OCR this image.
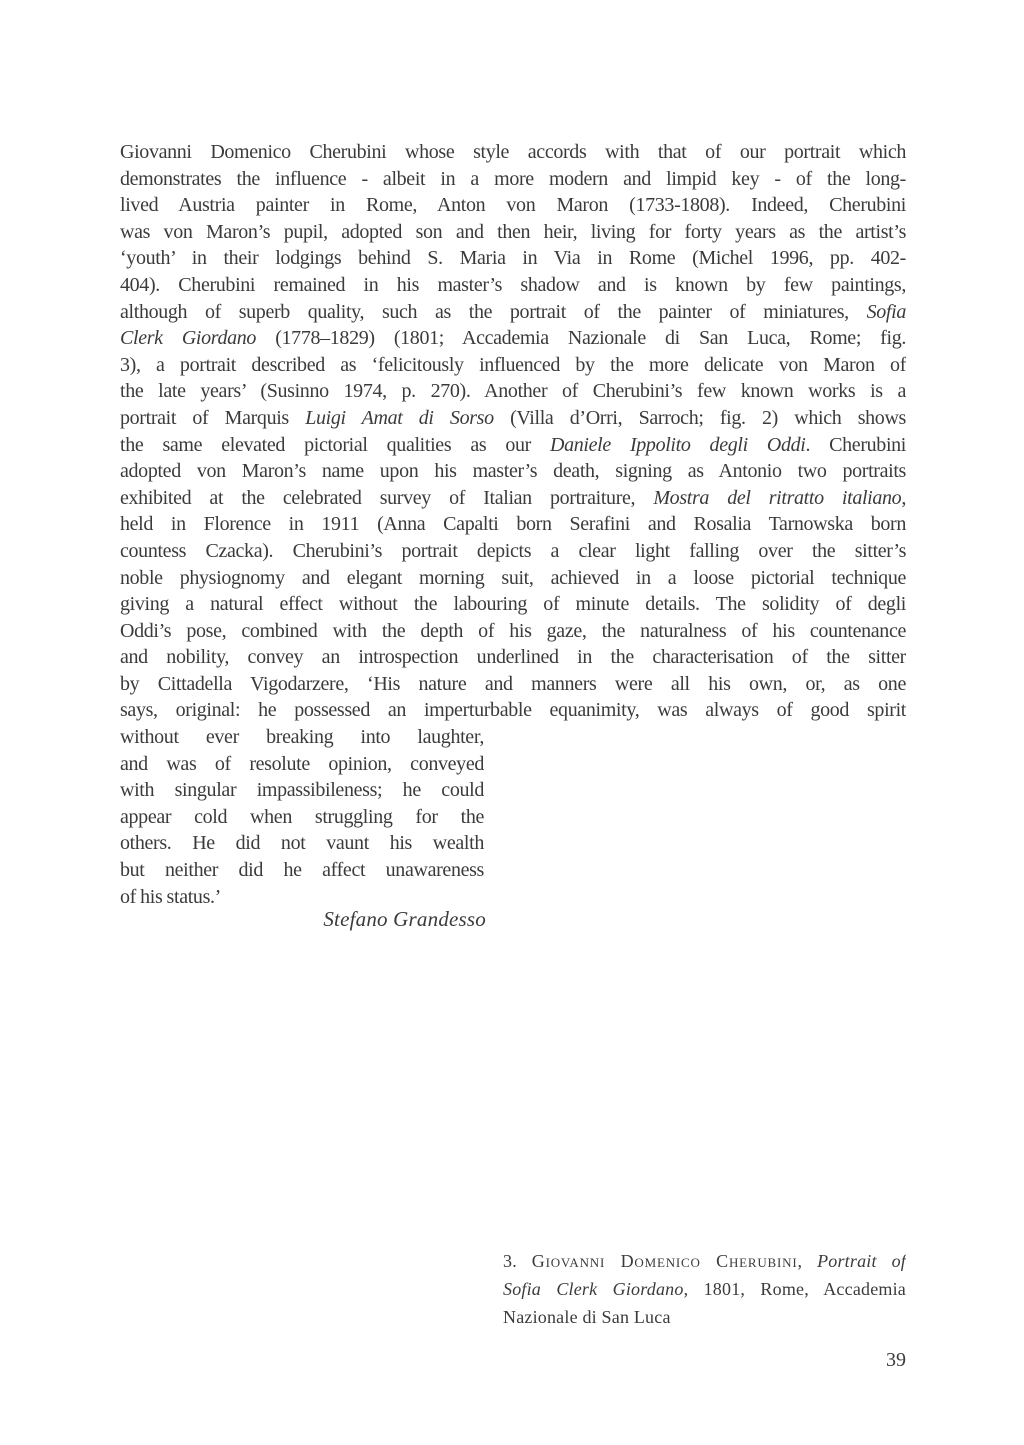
Giovanni Domenico Cherubini whose style accords with that of our portrait which
demonstrates the influence - albeit in a more modern and limpid key - of the long-
lived Austria painter in Rome, Anton von Maron (1733-1808). Indeed, Cherubini
was von Maron’s pupil, adopted son and then heir, living for forty years as the artist’s
‘youth’ in their lodgings behind S. Maria in Via in Rome (Michel 1996, pp. 402-
404). Cherubini remained in his master’s shadow and is known by few paintings,
although of superb quality, such as the portrait of the painter of miniatures, Sofia
Clerk Giordano (1778–1829) (1801; Accademia Nazionale di San Luca, Rome; fig.
3), a portrait described as ‘felicitously influenced by the more delicate von Maron of
the late years’ (Susinno 1974, p. 270). Another of Cherubini’s few known works is a
portrait of Marquis Luigi Amat di Sorso (Villa d’Orri, Sarroch; fig. 2) which shows
the same elevated pictorial qualities as our Daniele Ippolito degli Oddi. Cherubini
adopted von Maron’s name upon his master’s death, signing as Antonio two portraits
exhibited at the celebrated survey of Italian portraiture, Mostra del ritratto italiano,
held in Florence in 1911 (Anna Capalti born Serafini and Rosalia Tarnowska born
countess Czacka). Cherubini’s portrait depicts a clear light falling over the sitter’s
noble physiognomy and elegant morning suit, achieved in a loose pictorial technique
giving a natural effect without the labouring of minute details. The solidity of degli
Oddi’s pose, combined with the depth of his gaze, the naturalness of his countenance
and nobility, convey an introspection underlined in the characterisation of the sitter
by Cittadella Vigodarzere, ‘His nature and manners were all his own, or, as one
says, original: he possessed an imperturbable equanimity, was always of good spirit
without ever breaking into laughter,
and was of resolute opinion, conveyed
with singular impassibileness; he could
appear cold when struggling for the
others. He did not vaunt his wealth
but neither did he affect unawareness
of his status.’
Stefano Grandesso
3. Giovanni Domenico Cherubini, Portrait of
Sofia Clerk Giordano, 1801, Rome, Accademia
Nazionale di San Luca
39
